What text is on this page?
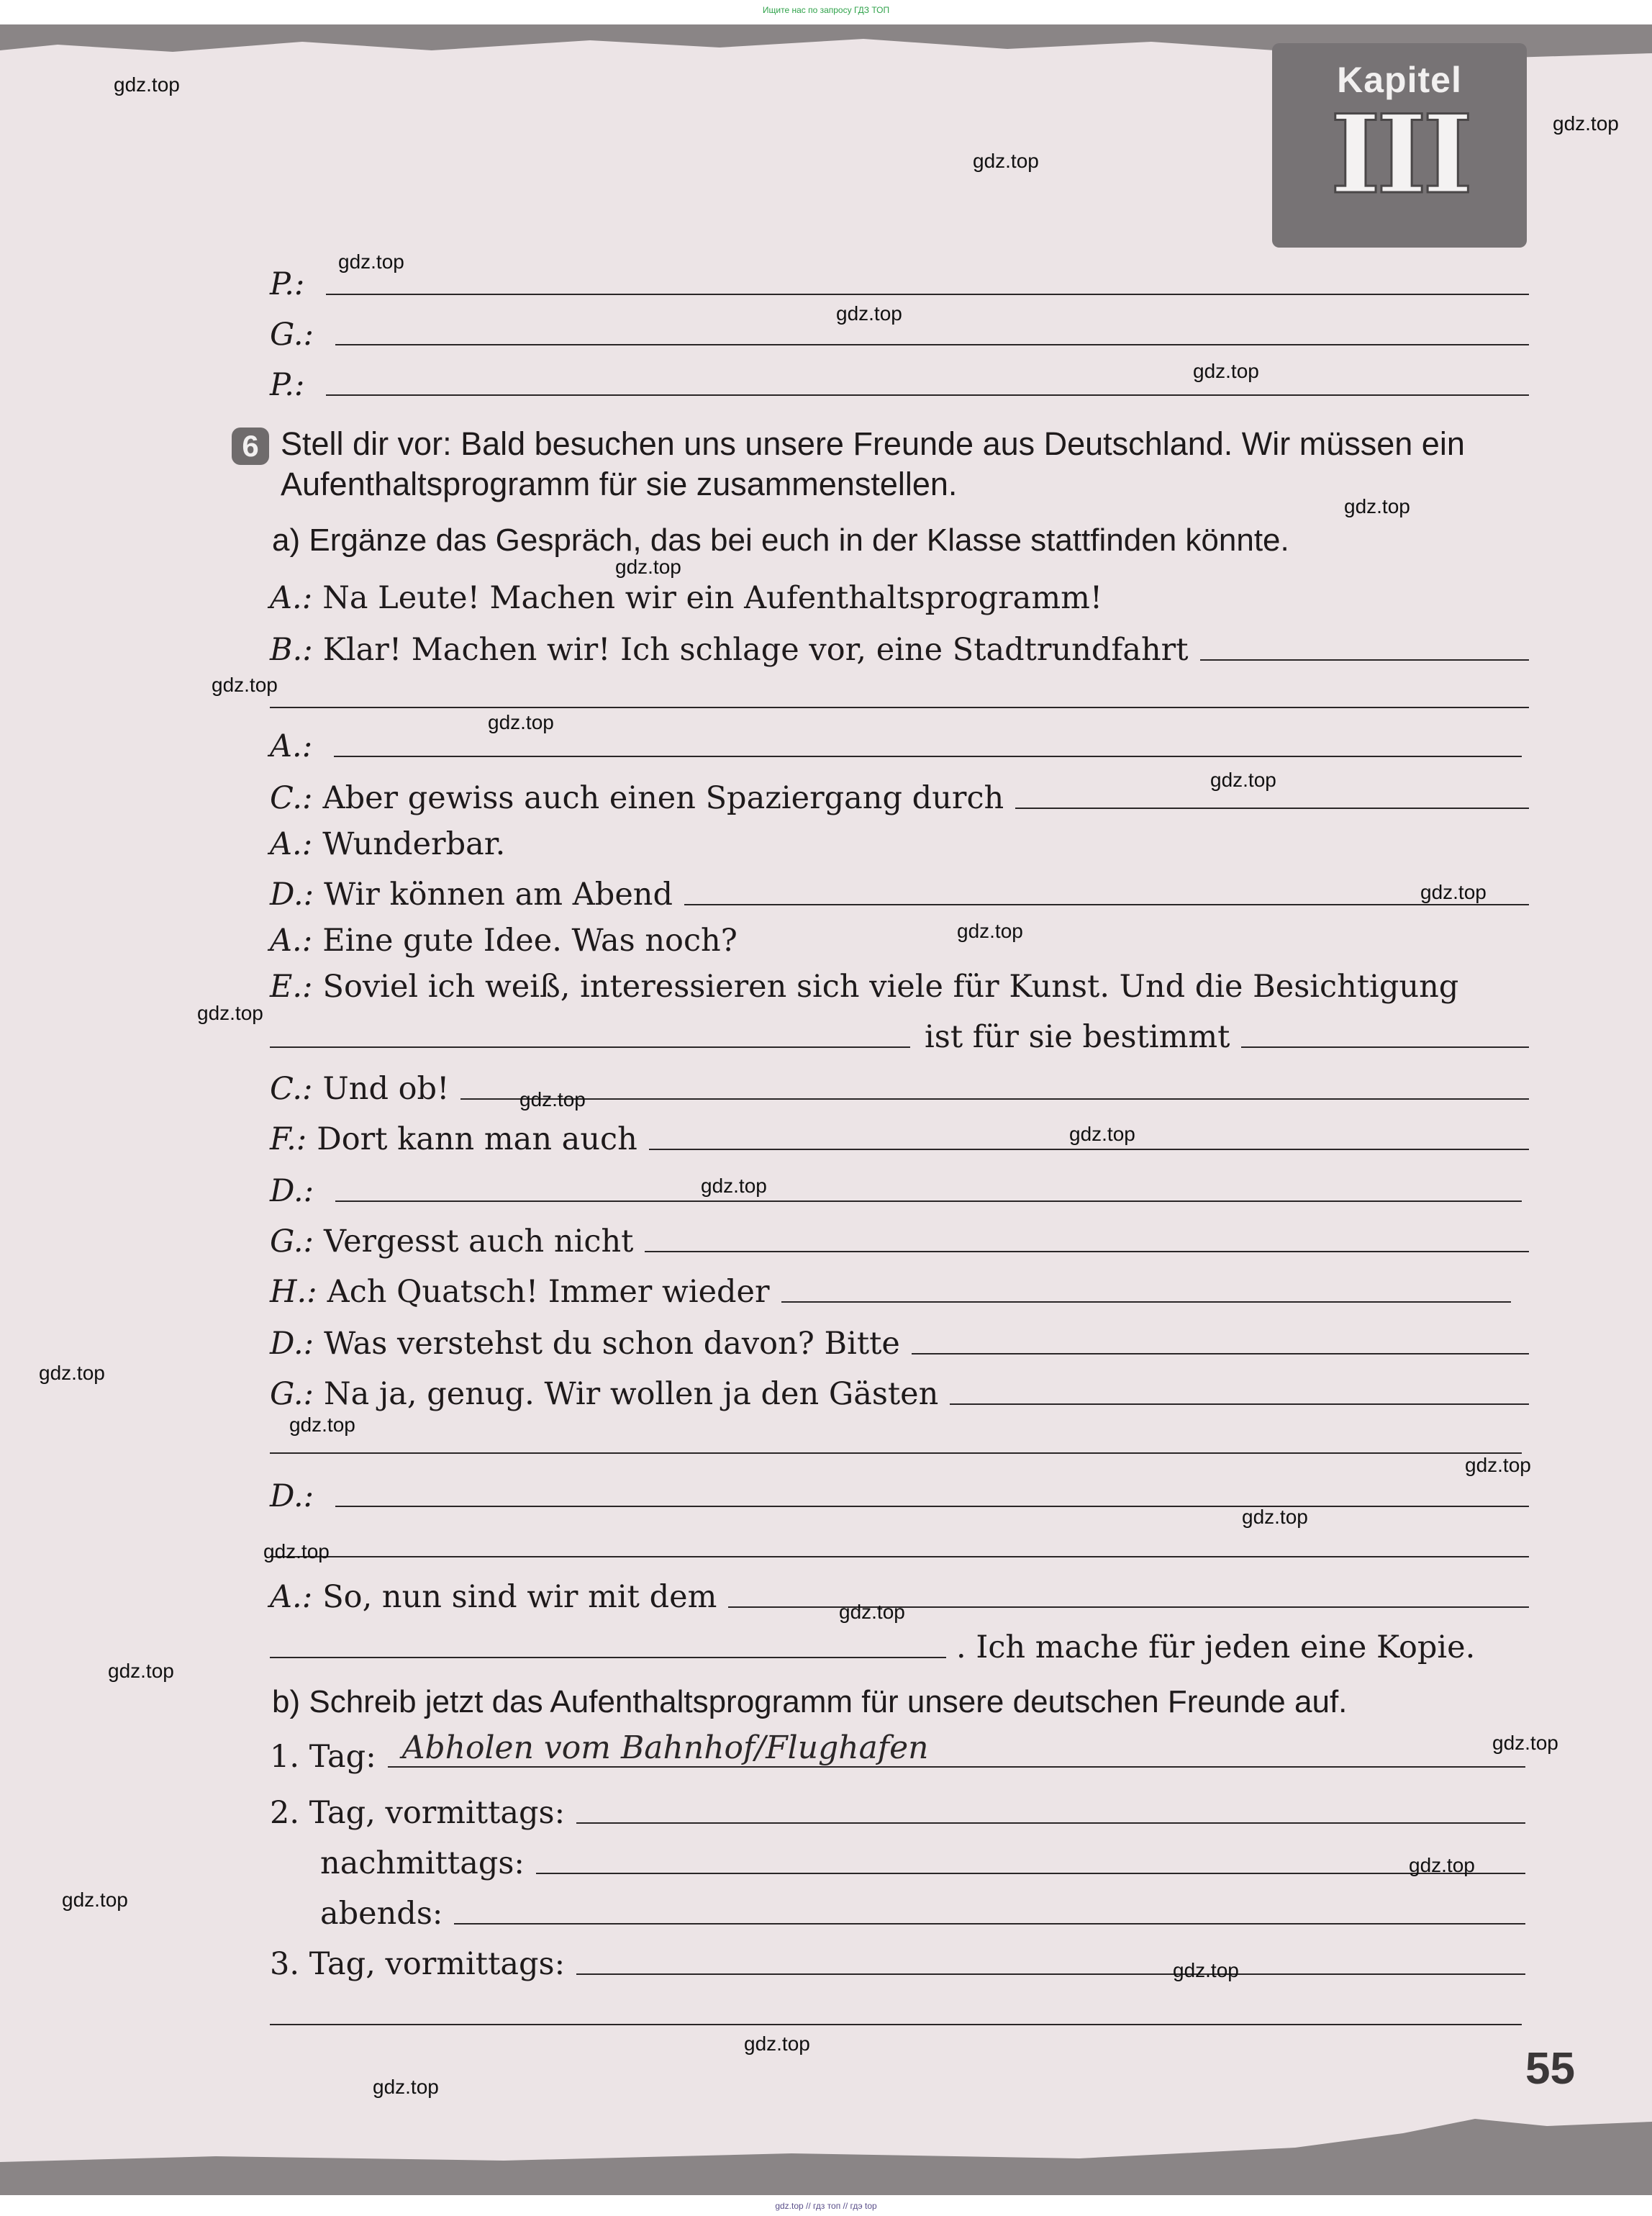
Ищите нас по запросу ГДЗ ТОП
Kapitel
III
P.:
G.:
P.:
6 Stell dir vor: Bald besuchen uns unsere Freunde aus Deutschland. Wir müssen ein Aufenthaltsprogramm für sie zusammenstellen.
a) Ergänze das Gespräch, das bei euch in der Klasse stattfinden könnte.
A.: Na Leute! Machen wir ein Aufenthaltsprogramm!
B.: Klar! Machen wir! Ich schlage vor, eine Stadtrundfahrt
A.:
C.: Aber gewiss auch einen Spaziergang durch
A.: Wunderbar.
D.: Wir können am Abend
A.: Eine gute Idee. Was noch?
E.: Soviel ich weiß, interessieren sich viele für Kunst. Und die Besichtigung
ist für sie bestimmt
C.: Und ob!
F.: Dort kann man auch
D.:
G.: Vergesst auch nicht
H.: Ach Quatsch! Immer wieder
D.: Was verstehst du schon davon? Bitte
G.: Na ja, genug. Wir wollen ja den Gästen
D.:
A.: So, nun sind wir mit dem
. Ich mache für jeden eine Kopie.
b) Schreib jetzt das Aufenthaltsprogramm für unsere deutschen Freunde auf.
1. Tag: Abholen vom Bahnhof/Flughafen
2. Tag, vormittags:
nachmittags:
abends:
3. Tag, vormittags:
55
gdz.top
gdz.top
gdz.top
gdz.top
gdz.top
gdz.top
gdz.top
gdz.top
gdz.top
gdz.top
gdz.top
gdz.top
gdz.top
gdz.top
gdz.top
gdz.top
gdz.top
gdz.top
gdz.top
gdz.top
gdz.top
gdz.top
gdz.top
gdz.top
gdz.top
gdz.top
gdz.top
gdz.top
gdz.top
gdz.top
gdz.top // гдз топ // гдэ top
